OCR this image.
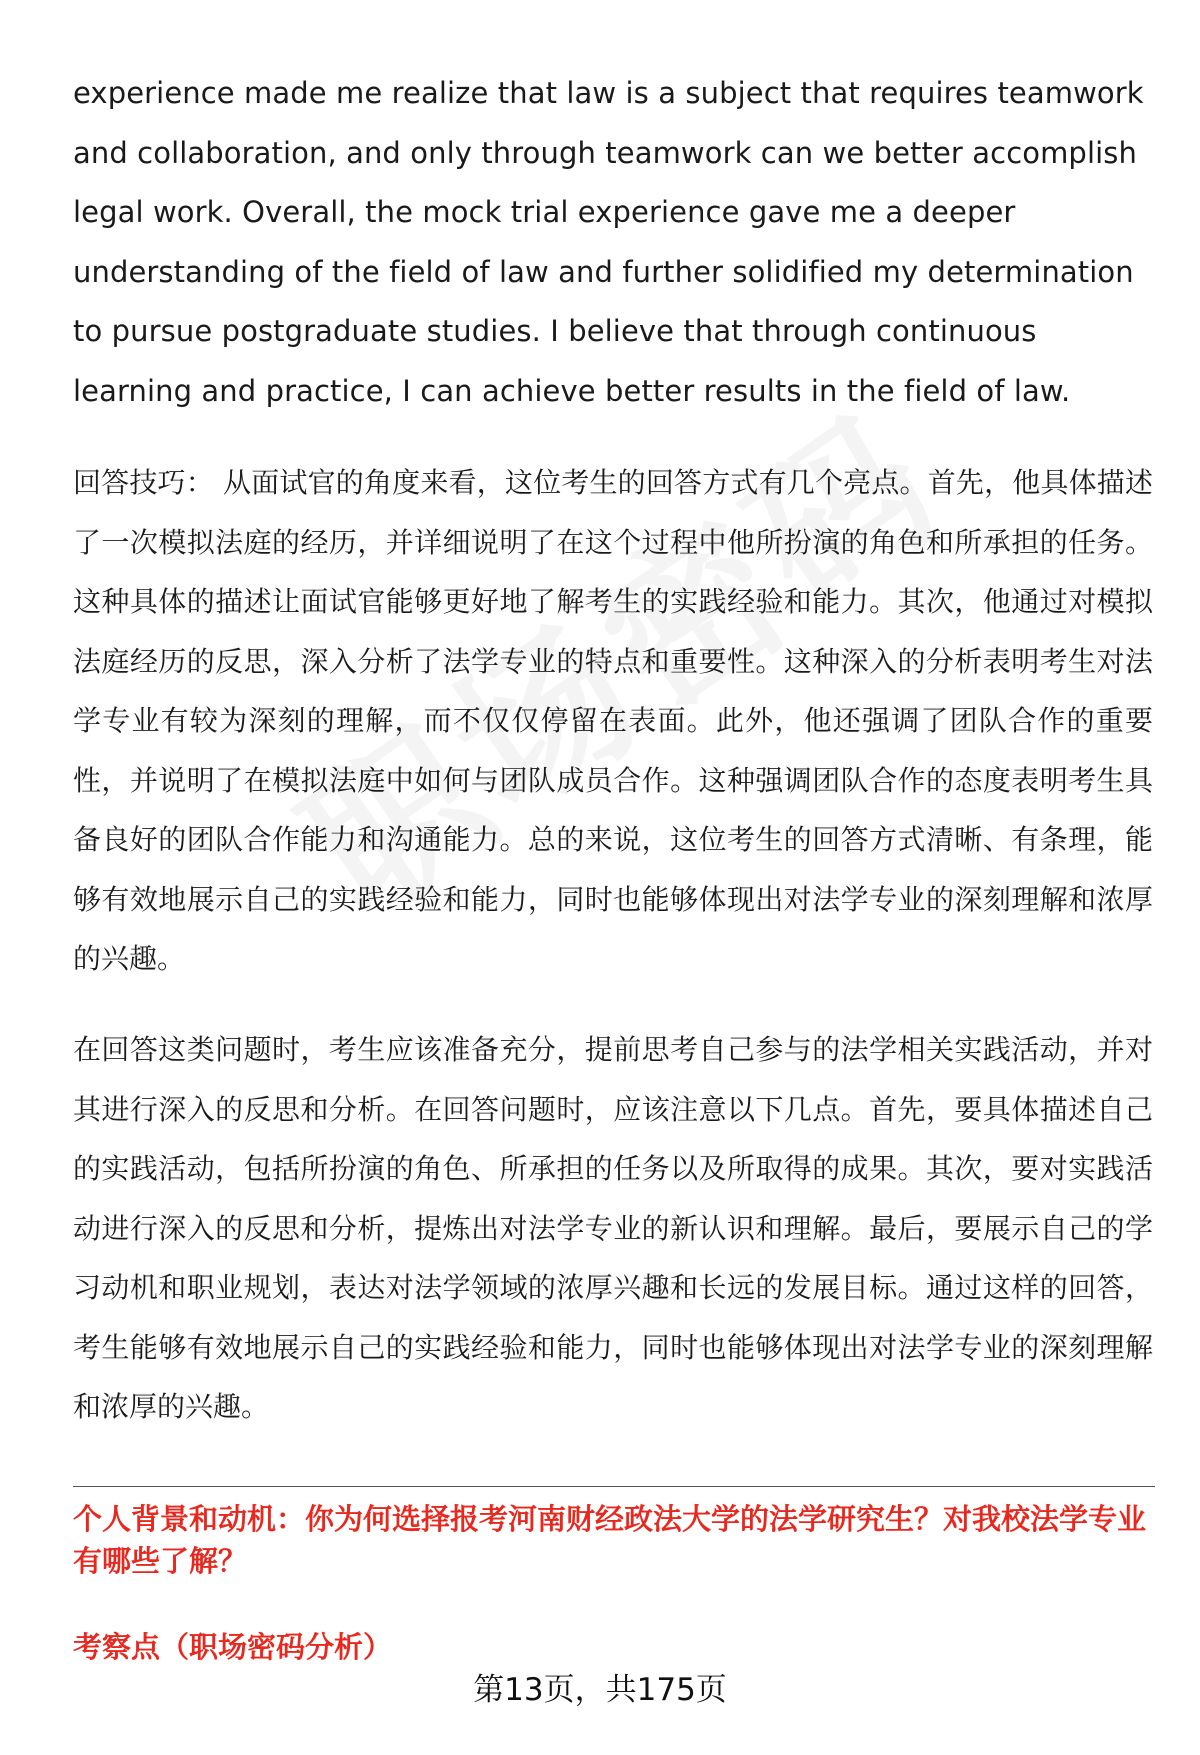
experience made me realize that law is a subject that requires teamwork and collaboration, and only through teamwork can we better accomplish legal work. Overall, the mock trial experience gave me a deeper understanding of the field of law and further solidified my determination to pursue postgraduate studies. I believe that through continuous learning and practice, I can achieve better results in the field of law.

回答技巧： 从面试官的角度来看，这位考生的回答方式有几个亮点。首先，他具体描述了一次模拟法庭的经历，并详细说明了在这个过程中他所扮演的角色和所承担的任务。这种具体的描述让面试官能够更好地了解考生的实践经验和能力。其次，他通过对模拟法庭经历的反思，深入分析了法学专业的特点和重要性。这种深入的分析表明考生对法学专业有较为深刻的理解，而不仅仅停留在表面。此外，他还强调了团队合作的重要性，并说明了在模拟法庭中如何与团队成员合作。这种强调团队合作的态度表明考生具备良好的团队合作能力和沟通能力。总的来说，这位考生的回答方式清晰、有条理，能够有效地展示自己的实践经验和能力，同时也能够体现出对法学专业的深刻理解和浓厚的兴趣。

在回答这类问题时，考生应该准备充分，提前思考自己参与的法学相关实践活动，并对其进行深入的反思和分析。在回答问题时，应该注意以下几点。首先，要具体描述自己的实践活动，包括所扮演的角色、所承担的任务以及所取得的成果。其次，要对实践活动进行深入的反思和分析，提炼出对法学专业的新认识和理解。最后，要展示自己的学习动机和职业规划，表达对法学领域的浓厚兴趣和长远的发展目标。通过这样的回答，考生能够有效地展示自己的实践经验和能力，同时也能够体现出对法学专业的深刻理解和浓厚的兴趣。

个人背景和动机：你为何选择报考河南财经政法大学的法学研究生？对我校法学专业有哪些了解？

考察点（职场密码分析）

第13页，共175页
